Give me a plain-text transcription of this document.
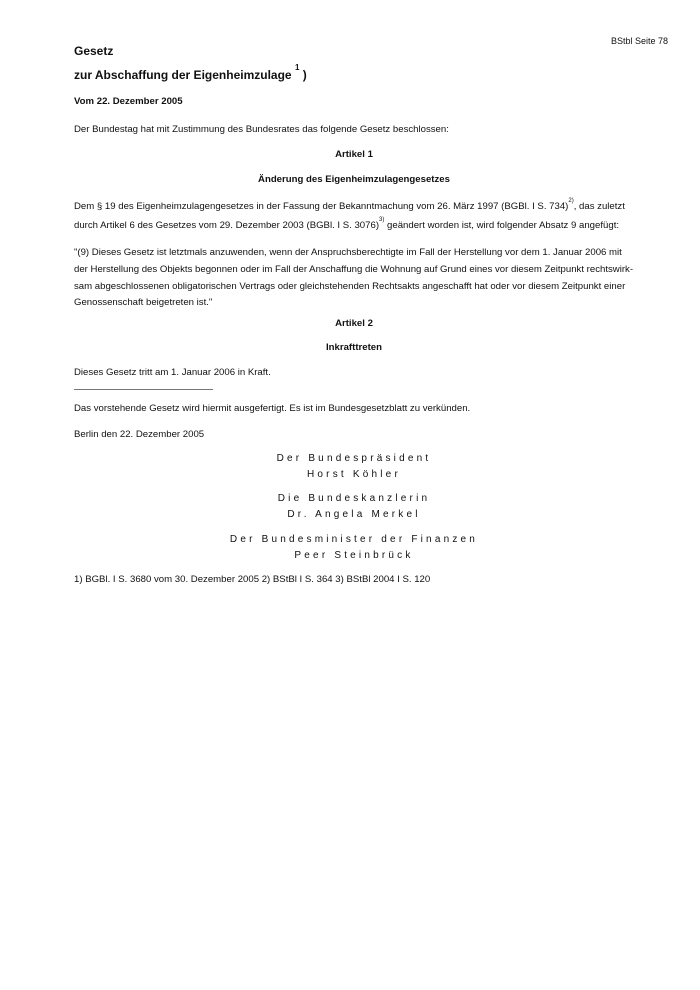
BStbl Seite 78
Gesetz
zur Abschaffung der Eigenheimzulage $^1$ )
Vom 22. Dezember 2005
Der Bundestag hat mit Zustimmung des Bundesrates das folgende Gesetz beschlossen:
Artikel 1
Änderung des Eigenheimzulagengesetzes
Dem § 19 des Eigenheimzulagengesetzes in der Fassung der Bekanntmachung vom 26. März 1997 (BGBl. I S. 734)$^{2)}$, das zuletzt
durch Artikel 6 des Gesetzes vom 29. Dezember 2003 (BGBl. I S. 3076)$^{3)}$ geändert worden ist, wird folgender Absatz 9 angefügt:
"(9) Dieses Gesetz ist letztmals anzuwenden, wenn der Anspruchsberechtigte im Fall der Herstellung vor dem 1. Januar 2006 mit
der Herstellung des Objekts begonnen oder im Fall der Anschaffung die Wohnung auf Grund eines vor diesem Zeitpunkt rechtswirk-
sam abgeschlossenen obligatorischen Vertrags oder gleichstehenden Rechtsakts angeschafft hat oder vor diesem Zeitpunkt einer
Genossenschaft beigetreten ist."
Artikel 2
Inkrafttreten
Dieses Gesetz tritt am 1. Januar 2006 in Kraft.
Das vorstehende Gesetz wird hiermit ausgefertigt. Es ist im Bundesgesetzblatt zu verkünden.
Berlin den 22. Dezember 2005
Der Bundespräsident
Horst Köhler
Die Bundeskanzlerin
Dr. Angela Merkel
Der Bundesminister der Finanzen
Peer Steinbrück
1) BGBl. I S. 3680 vom 30. Dezember 2005 2) BStBl I S. 364 3) BStBl 2004 I S. 120
